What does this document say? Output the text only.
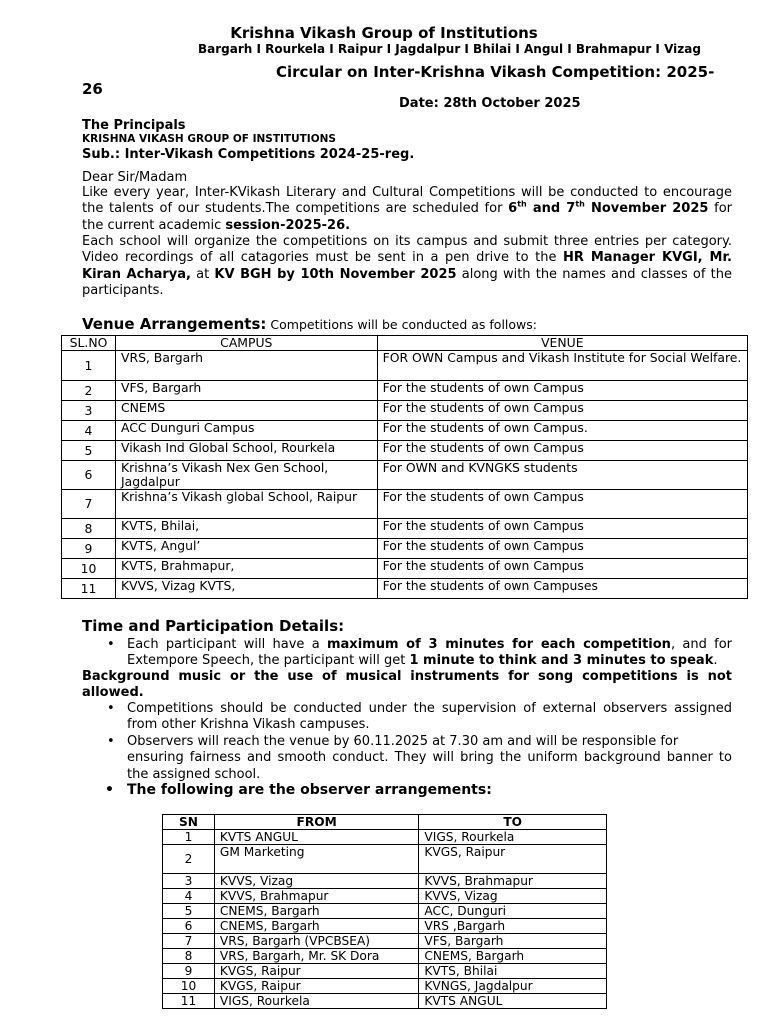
Krishna Vikash Group of Institutions
Bargarh I Rourkela I Raipur I Jagdalpur I Bhilai I Angul I Brahmapur I Vizag
Circular on Inter-Krishna Vikash Competition: 2025-
26
Date: 28th October 2025
The Principals
KRISHNA VIKASH GROUP OF INSTITUTIONS
Sub.: Inter-Vikash Competitions 2024-25-reg.
Dear Sir/Madam
Like every year, Inter-KVikash Literary and Cultural Competitions will be conducted to encourage the talents of our students.The competitions are scheduled for 6th and 7th November 2025 for the current academic session-2025-26.
Each school will organize the competitions on its campus and submit three entries per category. Video recordings of all catagories must be sent in a pen drive to the HR Manager KVGI, Mr. Kiran Acharya, at KV BGH by 10th November 2025 along with the names and classes of the participants.
Venue Arrangements: Competitions will be conducted as follows:
SL.NO	CAMPUS	VENUE
1	VRS, Bargarh	FOR OWN Campus and Vikash Institute for Social Welfare.
2	VFS, Bargarh	For the students of own Campus
3	CNEMS	For the students of own Campus
4	ACC Dunguri Campus	For the students of own Campus.
5	Vikash Ind Global School, Rourkela	For the students of own Campus
6	Krishna’s Vikash Nex Gen School, Jagdalpur	For OWN and KVNGKS students
7	Krishna’s Vikash global School, Raipur	For the students of own Campus
8	KVTS, Bhilai,	For the students of own Campus
9	KVTS, Angul’	For the students of own Campus
10	KVTS, Brahmapur,	For the students of own Campus
11	KVVS, Vizag KVTS,	For the students of own Campuses
Time and Participation Details:
• Each participant will have a maximum of 3 minutes for each competition, and for Extempore Speech, the participant will get 1 minute to think and 3 minutes to speak.
Background music or the use of musical instruments for song competitions is not allowed.
• Competitions should be conducted under the supervision of external observers assigned from other Krishna Vikash campuses.
• Observers will reach the venue by 60.11.2025 at 7.30 am and will be responsible for
ensuring fairness and smooth conduct. They will bring the uniform background banner to the assigned school.
• The following are the observer arrangements:
SN	FROM	TO
1	KVTS ANGUL	VIGS, Rourkela
2	GM Marketing	KVGS, Raipur
3	KVVS, Vizag	KVVS, Brahmapur
4	KVVS, Brahmapur	KVVS, Vizag
5	CNEMS, Bargarh	ACC, Dunguri
6	CNEMS, Bargarh	VRS ,Bargarh
7	VRS, Bargarh (VPCBSEA)	VFS, Bargarh
8	VRS, Bargarh, Mr. SK Dora	CNEMS, Bargarh
9	KVGS, Raipur	KVTS, Bhilai
10	KVGS, Raipur	KVNGS, Jagdalpur
11	VIGS, Rourkela	KVTS ANGUL
